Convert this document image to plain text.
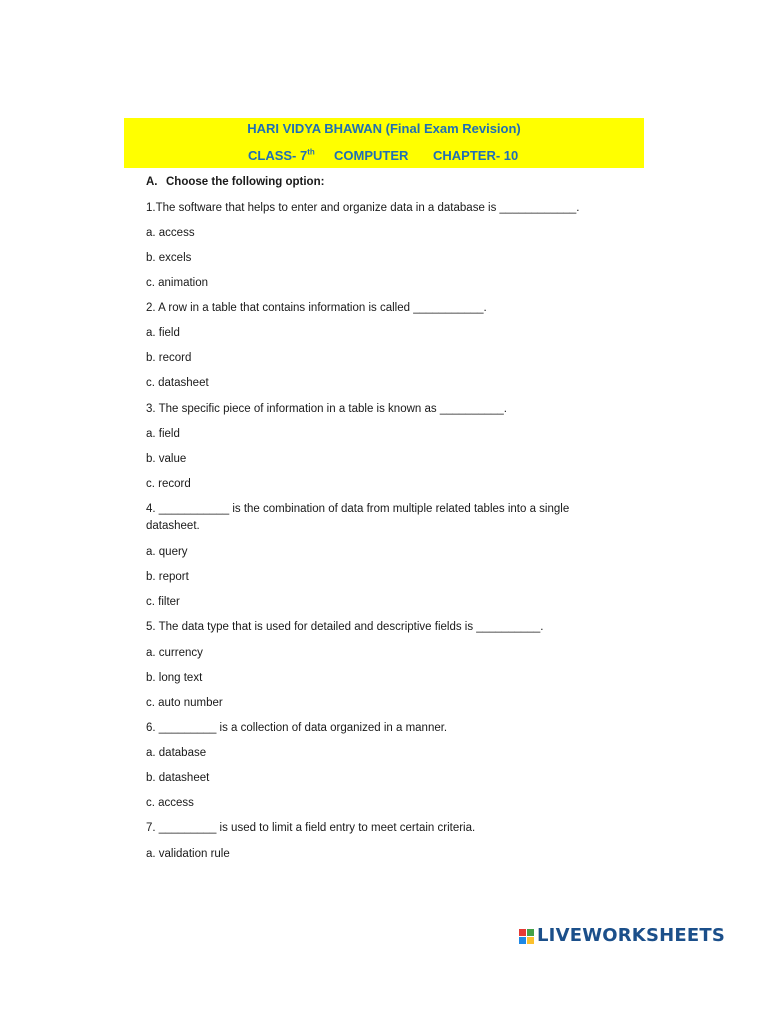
HARI VIDYA BHAWAN (Final Exam Revision)
CLASS- 7th COMPUTER CHAPTER- 10
A. Choose the following option:
1.The software that helps to enter and organize data in a database is ____________.
a. access
b. excels
c. animation
2. A row in a table that contains information is called ___________.
a. field
b. record
c. datasheet
3. The specific piece of information in a table is known as __________.
a. field
b. value
c. record
4. ___________ is the combination of data from multiple related tables into a single
datasheet.
a. query
b. report
c. filter
5. The data type that is used for detailed and descriptive fields is __________.
a. currency
b. long text
c. auto number
6. _________ is a collection of data organized in a manner.
a. database
b. datasheet
c. access
7. _________ is used to limit a field entry to meet certain criteria.
a. validation rule
LIVEWORKSHEETS
